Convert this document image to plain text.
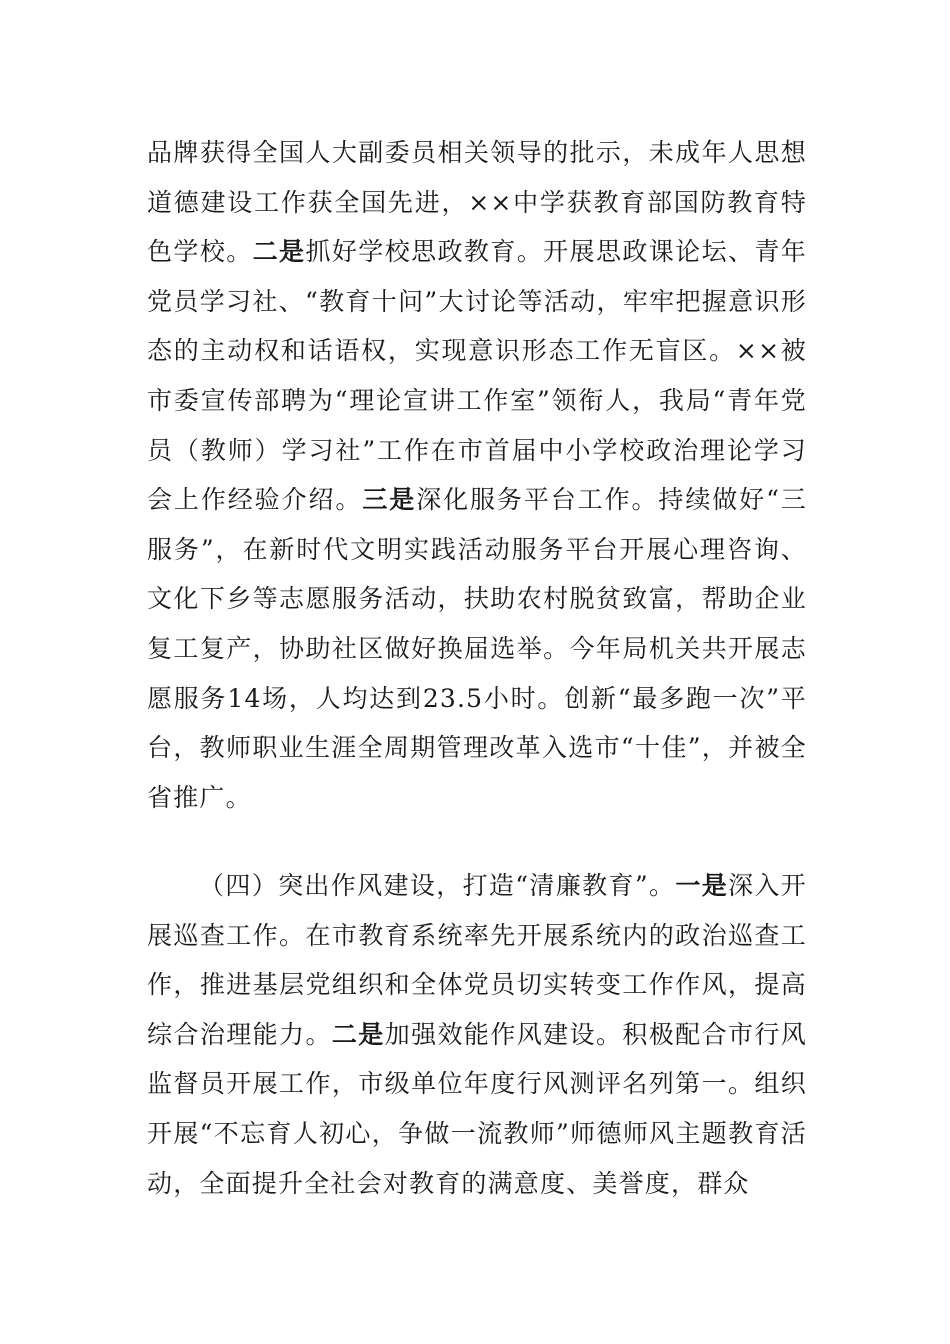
品牌获得全国人大副委员相关领导的批示，未成年人思想道德建设工作获全国先进，××中学获教育部国防教育特色学校。二是抓好学校思政教育。开展思政课论坛、青年党员学习社、“教育十问”大讨论等活动，牢牢把握意识形态的主动权和话语权，实现意识形态工作无盲区。××被市委宣传部聘为“理论宣讲工作室”领衔人，我局“青年党员（教师）学习社”工作在市首届中小学校政治理论学习会上作经验介绍。三是深化服务平台工作。持续做好“三服务”，在新时代文明实践活动服务平台开展心理咨询、文化下乡等志愿服务活动，扶助农村脱贫致富，帮助企业复工复产，协助社区做好换届选举。今年局机关共开展志愿服务14场，人均达到23.5小时。创新“最多跑一次”平台，教师职业生涯全周期管理改革入选市“十佳”，并被全省推广。

（四）突出作风建设，打造“清廉教育”。一是深入开展巡查工作。在市教育系统率先开展系统内的政治巡查工作，推进基层党组织和全体党员切实转变工作作风，提高综合治理能力。二是加强效能作风建设。积极配合市行风监督员开展工作，市级单位年度行风测评名列第一。组织开展“不忘育人初心，争做一流教师”师德师风主题教育活动，全面提升全社会对教育的满意度、美誉度，群众
